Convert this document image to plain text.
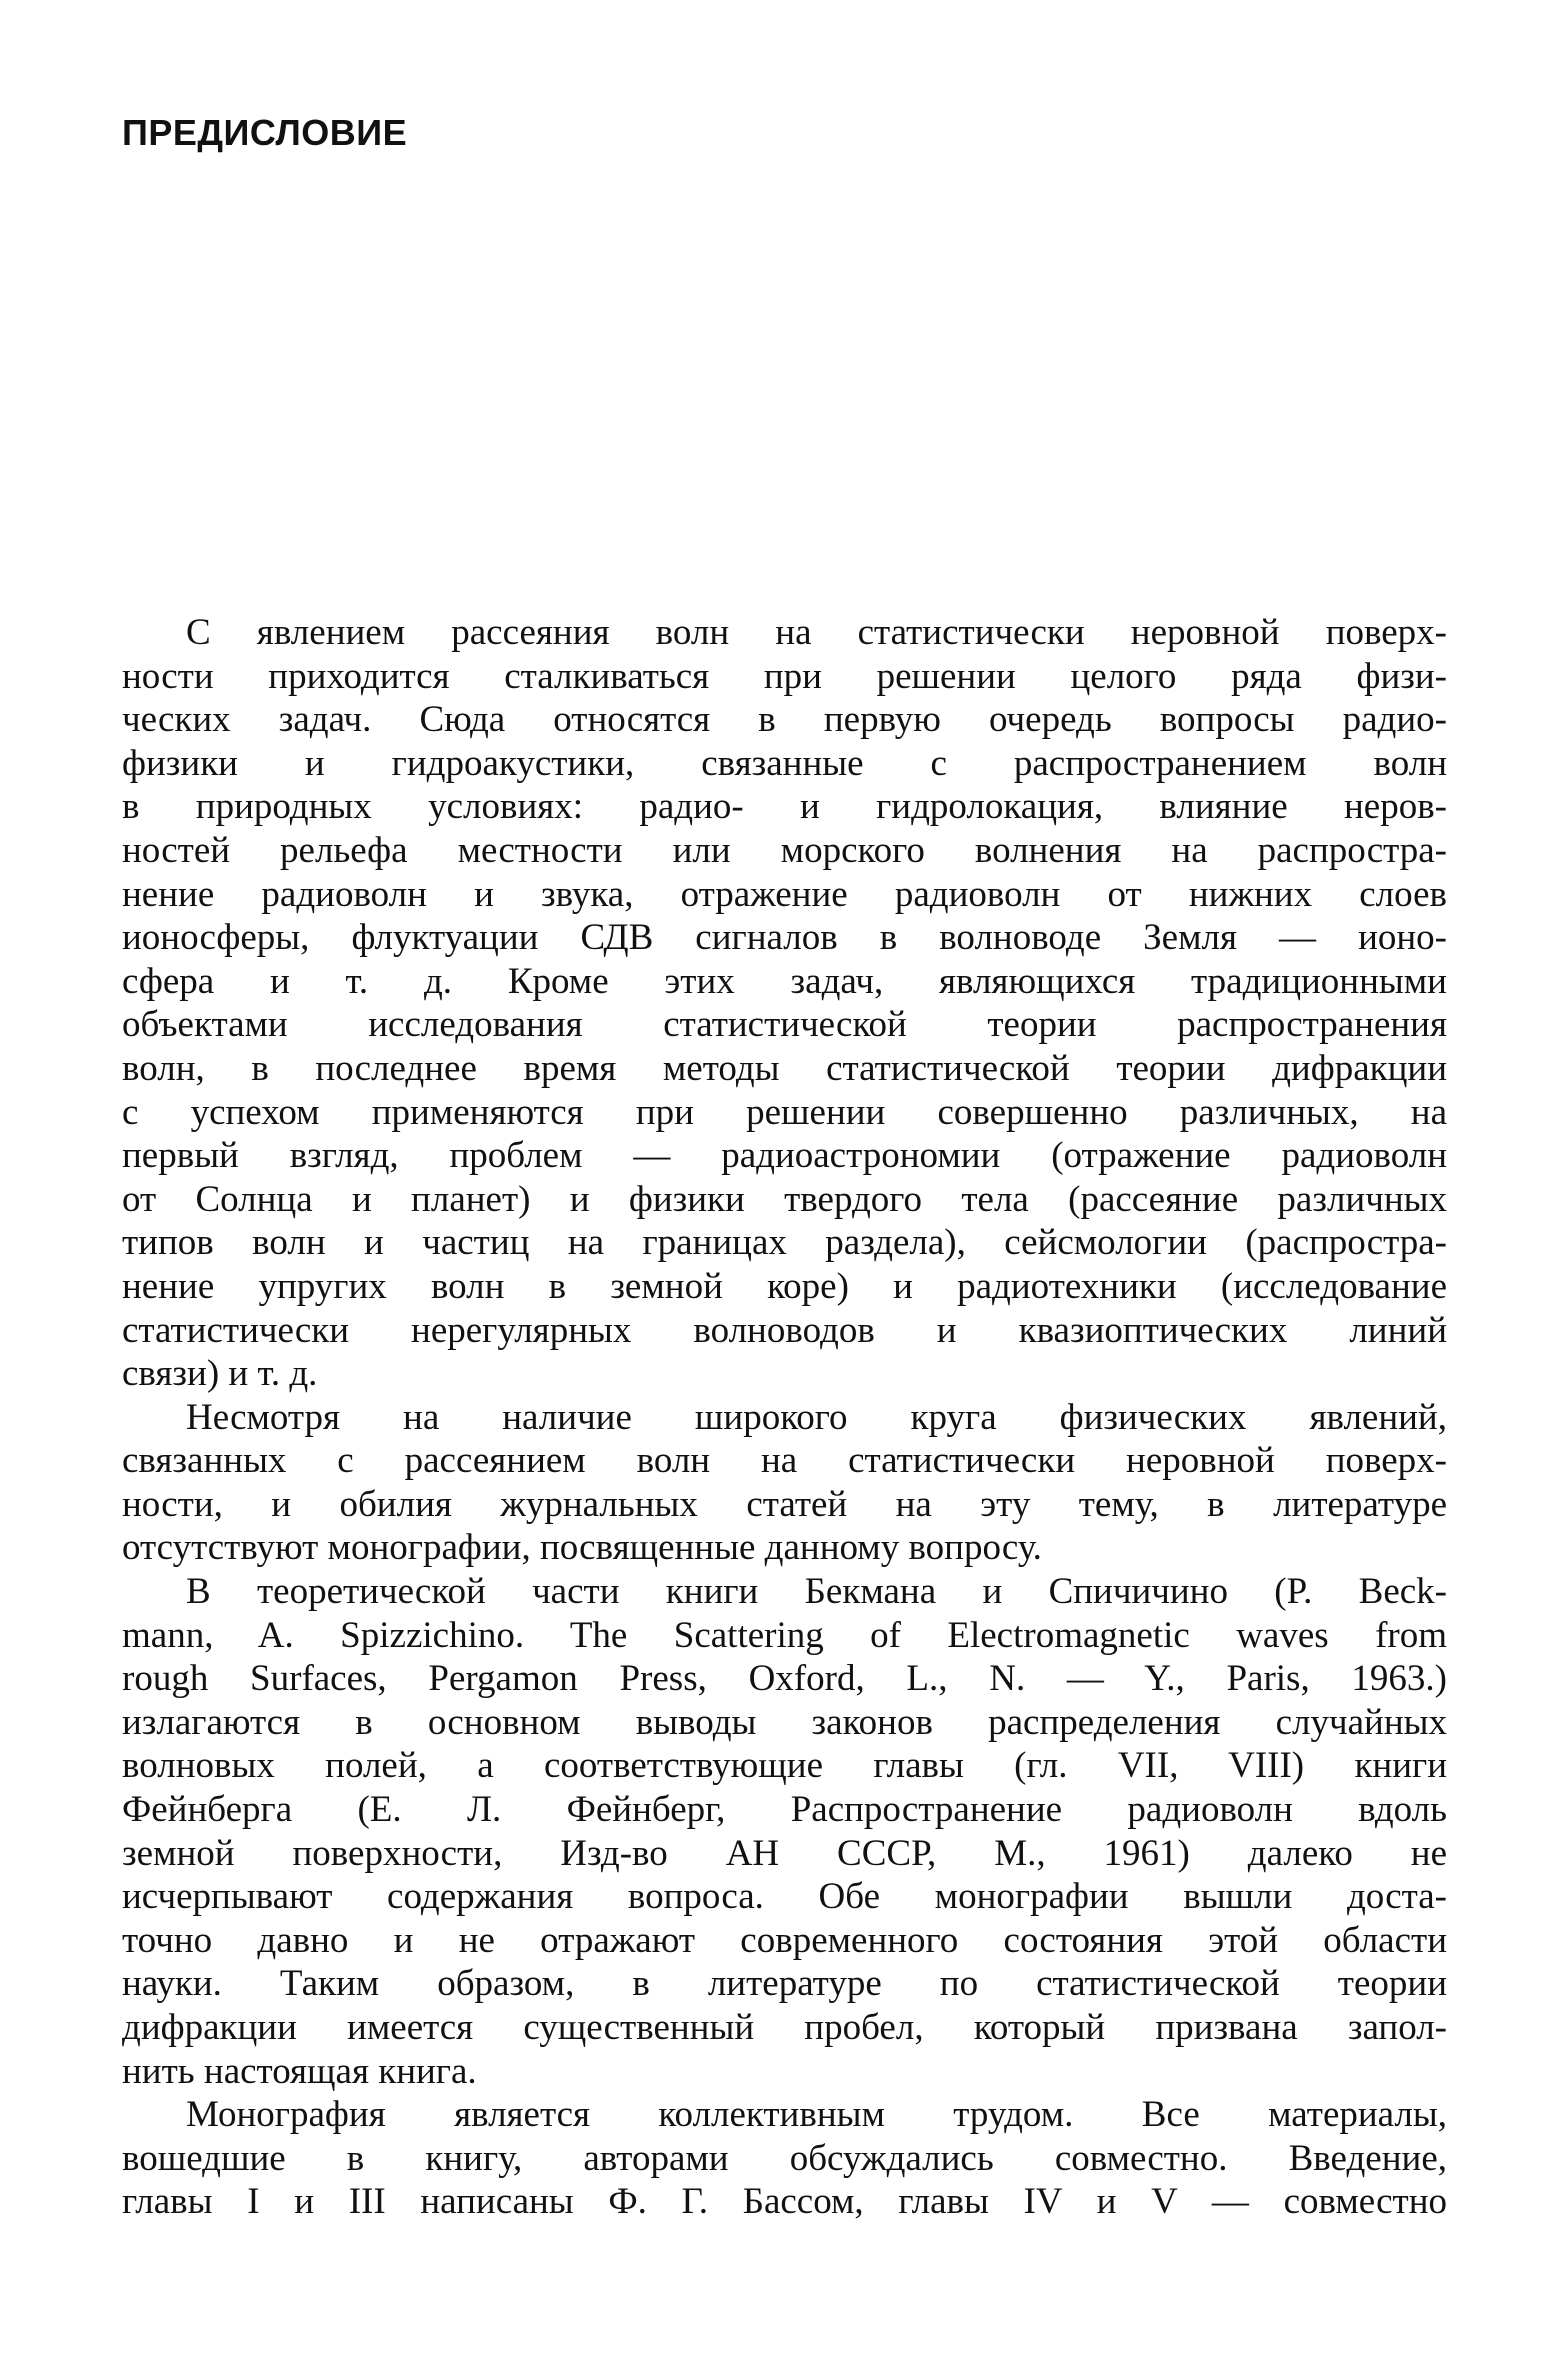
ПРЕДИСЛОВИЕ
С явлением рассеяния волн на статистически неровной поверх-
ности приходится сталкиваться при решении целого ряда физи-
ческих задач. Сюда относятся в первую очередь вопросы радио-
физики и гидроакустики, связанные с распространением волн
в природных условиях: радио- и гидролокация, влияние неров-
ностей рельефа местности или морского волнения на распростра-
нение радиоволн и звука, отражение радиоволн от нижних слоев
ионосферы, флуктуации СДВ сигналов в волноводе Земля — ионо-
сфера и т. д. Кроме этих задач, являющихся традиционными
объектами исследования статистической теории распространения
волн, в последнее время методы статистической теории дифракции
с успехом применяются при решении совершенно различных, на
первый взгляд, проблем — радиоастрономии (отражение радиоволн
от Солнца и планет) и физики твердого тела (рассеяние различных
типов волн и частиц на границах раздела), сейсмологии (распростра-
нение упругих волн в земной коре) и радиотехники (исследование
статистически нерегулярных волноводов и квазиоптических линий
связи) и т. д.
Несмотря на наличие широкого круга физических явлений,
связанных с рассеянием волн на статистически неровной поверх-
ности, и обилия журнальных статей на эту тему, в литературе
отсутствуют монографии, посвященные данному вопросу.
В теоретической части книги Бекмана и Спичичино (P. Beck-
mann, A. Spizzichino. The Scattering of Electromagnetic waves from
rough Surfaces, Pergamon Press, Oxford, L., N. — Y., Paris, 1963.)
излагаются в основном выводы законов распределения случайных
волновых полей, а соответствующие главы (гл. VII, VIII) книги
Фейнберга (Е. Л. Фейнберг, Распространение радиоволн вдоль
земной поверхности, Изд-во АН СССР, М., 1961) далеко не
исчерпывают содержания вопроса. Обе монографии вышли доста-
точно давно и не отражают современного состояния этой области
науки. Таким образом, в литературе по статистической теории
дифракции имеется существенный пробел, который призвана запол-
нить настоящая книга.
Монография является коллективным трудом. Все материалы,
вошедшие в книгу, авторами обсуждались совместно. Введение,
главы I и III написаны Ф. Г. Бассом, главы IV и V — совместно
